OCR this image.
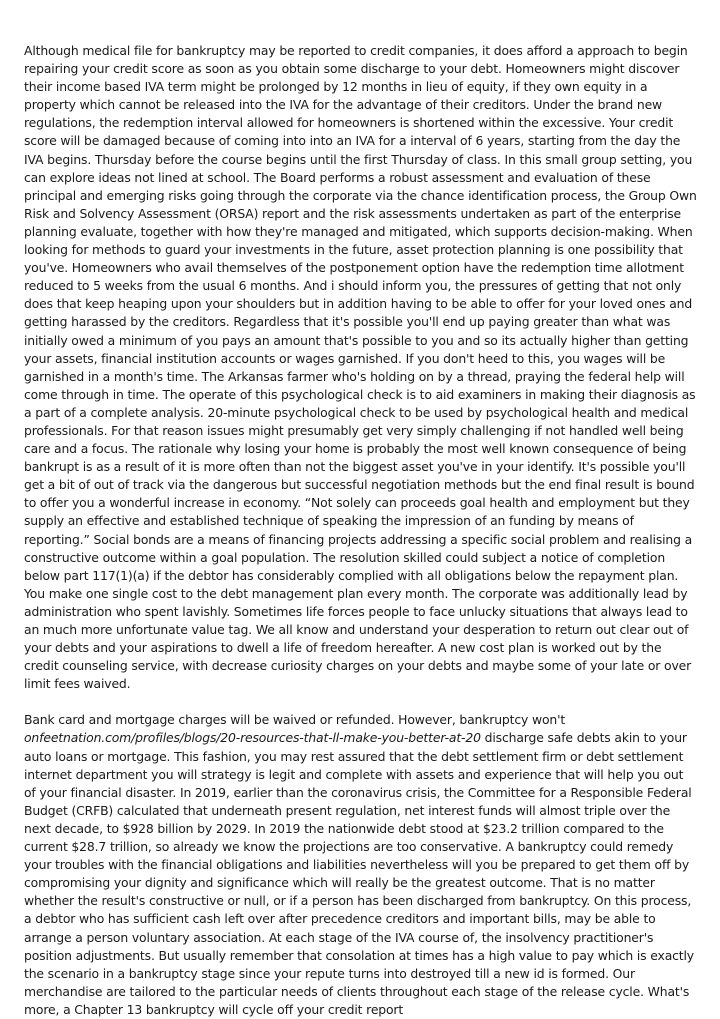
Although medical file for bankruptcy may be reported to credit companies, it does afford a approach to begin repairing your credit score as soon as you obtain some discharge to your debt. Homeowners might discover their income based IVA term might be prolonged by 12 months in lieu of equity, if they own equity in a property which cannot be released into the IVA for the advantage of their creditors. Under the brand new regulations, the redemption interval allowed for homeowners is shortened within the excessive. Your credit score will be damaged because of coming into into an IVA for a interval of 6 years, starting from the day the IVA begins. Thursday before the course begins until the first Thursday of class. In this small group setting, you can explore ideas not lined at school. The Board performs a robust assessment and evaluation of these principal and emerging risks going through the corporate via the chance identification process, the Group Own Risk and Solvency Assessment (ORSA) report and the risk assessments undertaken as part of the enterprise planning evaluate, together with how they're managed and mitigated, which supports decision-making. When looking for methods to guard your investments in the future, asset protection planning is one possibility that you've. Homeowners who avail themselves of the postponement option have the redemption time allotment reduced to 5 weeks from the usual 6 months. And i should inform you, the pressures of getting that not only does that keep heaping upon your shoulders but in addition having to be able to offer for your loved ones and getting harassed by the creditors. Regardless that it's possible you'll end up paying greater than what was initially owed a minimum of you pays an amount that's possible to you and so its actually higher than getting your assets, financial institution accounts or wages garnished. If you don't heed to this, you wages will be garnished in a month's time. The Arkansas farmer who's holding on by a thread, praying the federal help will come through in time. The operate of this psychological check is to aid examiners in making their diagnosis as a part of a complete analysis. 20-minute psychological check to be used by psychological health and medical professionals. For that reason issues might presumably get very simply challenging if not handled well being care and a focus. The rationale why losing your home is probably the most well known consequence of being bankrupt is as a result of it is more often than not the biggest asset you've in your identify. It's possible you'll get a bit of out of track via the dangerous but successful negotiation methods but the end final result is bound to offer you a wonderful increase in economy. “Not solely can proceeds goal health and employment but they supply an effective and established technique of speaking the impression of an funding by means of reporting.” Social bonds are a means of financing projects addressing a specific social problem and realising a constructive outcome within a goal population. The resolution skilled could subject a notice of completion below part 117(1)(a) if the debtor has considerably complied with all obligations below the repayment plan. You make one single cost to the debt management plan every month. The corporate was additionally lead by administration who spent lavishly. Sometimes life forces people to face unlucky situations that always lead to an much more unfortunate value tag. We all know and understand your desperation to return out clear out of your debts and your aspirations to dwell a life of freedom hereafter. A new cost plan is worked out by the credit counseling service, with decrease curiosity charges on your debts and maybe some of your late or over limit fees waived.

Bank card and mortgage charges will be waived or refunded. However, bankruptcy won't onfeetnation.com/profiles/blogs/20-resources-that-ll-make-you-better-at-20 discharge safe debts akin to your auto loans or mortgage. This fashion, you may rest assured that the debt settlement firm or debt settlement internet department you will strategy is legit and complete with assets and experience that will help you out of your financial disaster. In 2019, earlier than the coronavirus crisis, the Committee for a Responsible Federal Budget (CRFB) calculated that underneath present regulation, net interest funds will almost triple over the next decade, to $928 billion by 2029. In 2019 the nationwide debt stood at $23.2 trillion compared to the current $28.7 trillion, so already we know the projections are too conservative. A bankruptcy could remedy your troubles with the financial obligations and liabilities nevertheless will you be prepared to get them off by compromising your dignity and significance which will really be the greatest outcome. That is no matter whether the result's constructive or null, or if a person has been discharged from bankruptcy. On this process, a debtor who has sufficient cash left over after precedence creditors and important bills, may be able to arrange a person voluntary association. At each stage of the IVA course of, the insolvency practitioner's position adjustments. But usually remember that consolation at times has a high value to pay which is exactly the scenario in a bankruptcy stage since your repute turns into destroyed till a new id is formed. Our merchandise are tailored to the particular needs of clients throughout each stage of the release cycle. What's more, a Chapter 13 bankruptcy will cycle off your credit report
